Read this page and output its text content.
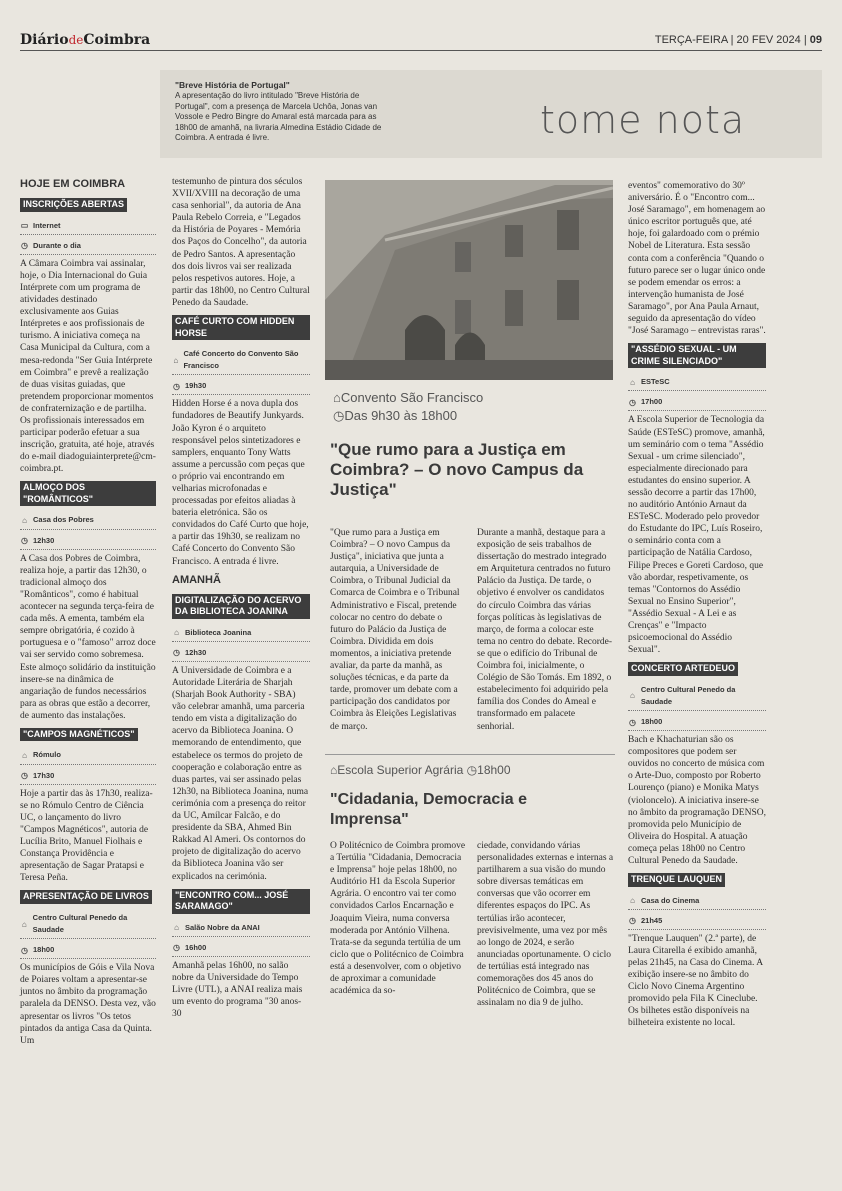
DiáriodeCoimbra	TERÇA-FEIRA | 20 FEV 2024 | 09
"Breve História de Portugal"
A apresentação do livro intitulado "Breve História de Portugal", com a presença de Marcela Uchôa, Jonas van Vossole e Pedro Bingre do Amaral está marcada para as 18h00 de amanhã, na livraria Almedina Estádio Cidade de Coimbra. A entrada é livre.	tome nota
HOJE EM COIMBRA
INSCRIÇÕES ABERTAS
▭ Internet
◷ Durante o dia

A Câmara Coimbra vai assinalar, hoje, o Dia Internacional do Guia Intérprete com um programa de atividades destinado exclusivamente aos Guias Intérpretes e aos profissionais de turismo. A iniciativa começa na Casa Municipal da Cultura, com a mesa-redonda "Ser Guia Intérprete em Coimbra" e prevê a realização de duas visitas guiadas, que pretendem proporcionar momentos de confraternização e de partilha. Os profissionais interessados em participar poderão efetuar a sua inscrição, gratuita, até hoje, através do e-mail diadoguiainterprete@cm-coimbra.pt.

ALMOÇO DOS "ROMÂNTICOS"
⌂ Casa dos Pobres
◷ 12h30

A Casa dos Pobres de Coimbra, realiza hoje, a partir das 12h30, o tradicional almoço dos "Românticos", como é habitual acontecer na segunda terça-feira de cada mês. A ementa, também ela sempre obrigatória, é cozido à portuguesa e o "famoso" arroz doce vai ser servido como sobremesa. Este almoço solidário da instituição insere-se na dinâmica de angariação de fundos necessários para as obras que estão a decorrer, de aumento das instalações.

"CAMPOS MAGNÉTICOS"
⌂ Rómulo
◷ 17h30

Hoje a partir das às 17h30, realiza-se no Rómulo Centro de Ciência UC, o lançamento do livro "Campos Magnéticos", autoria de Lucília Brito, Manuel Fiolhais e Constança Providência e apresentação de Sagar Pratapsi e Teresa Peña.

APRESENTAÇÃO DE LIVROS
⌂
Centro Cultural Penedo da Saudade
◷ 18h00

Os municípios de Góis e Vila Nova de Poiares voltam a apresentar-se juntos no âmbito da programação paralela da DENSO. Desta vez, vão apresentar os livros "Os tetos pintados da antiga Casa da Quinta. Um

testemunho de pintura dos séculos XVII/XVIII na decoração de uma casa senhorial", da autoria de Ana Paula Rebelo Correia, e "Legados da História de Poyares - Memória dos Paços do Concelho", da autoria de Pedro Santos. A apresentação dos dois livros vai ser realizada pelos respetivos autores. Hoje, a partir das 18h00, no Centro Cultural Penedo da Saudade.

CAFÉ CURTO COM HIDDEN HORSE
⌂
Café Concerto do Convento São Francisco
◷ 19h30

Hidden Horse é a nova dupla dos fundadores de Beautify Junkyards. João Kyron é o arquiteto responsável pelos sintetizadores e samplers, enquanto Tony Watts assume a percussão com peças que o próprio vai encontrando em velharias microfonadas e processadas por efeitos aliadas à bateria eletrónica. São os convidados do Café Curto que hoje, a partir das 19h30, se realizam no Café Concerto do Convento São Francisco. A entrada é livre.

AMANHÃ
DIGITALIZAÇÃO DO ACERVO DA BIBLIOTECA JOANINA
⌂ Biblioteca Joanina
◷ 12h30

A Universidade de Coimbra e a Autoridade Literária de Sharjah (Sharjah Book Authority - SBA) vão celebrar amanhã, uma parceria tendo em vista a digitalização do acervo da Biblioteca Joanina. O memorando de entendimento, que estabelece os termos do projeto de cooperação e colaboração entre as duas partes, vai ser assinado pelas 12h30, na Biblioteca Joanina, numa cerimónia com a presença do reitor da UC, Amílcar Falcão, e do presidente da SBA, Ahmed Bin Rakkad Al Ameri. Os contornos do projeto de digitalização do acervo da Biblioteca Joanina vão ser explicados na cerimónia.

"ENCONTRO COM... JOSÉ SARAMAGO"
⌂ Salão Nobre da ANAI
◷ 16h00

Amanhã pelas 16h00, no salão nobre da Universidade do Tempo Livre (UTL), a ANAI realiza mais um evento do programa "30 anos-30

⌂Convento São Francisco
◷Das 9h30 às 18h00
"Que rumo para a Justiça em Coimbra? – O novo Campus da Justiça"
"Que rumo para a Justiça em Coimbra? – O novo Campus da Justiça", iniciativa que junta a autarquia, a Universidade de Coimbra, o Tribunal Judicial da Comarca de Coimbra e o Tribunal Administrativo e Fiscal, pretende colocar no centro do debate o futuro do Palácio da Justiça de Coimbra. Dividida em dois momentos, a iniciativa pretende avaliar, da parte da manhã, as soluções técnicas, e da parte da tarde, promover um debate com a participação dos candidatos por Coimbra às Eleições Legislativas de março.
Durante a manhã, destaque para a exposição de seis trabalhos de dissertação do mestrado integrado em Arquitetura centrados no futuro Palácio da Justiça. De tarde, o objetivo é envolver os candidatos do círculo Coimbra das várias forças políticas às legislativas de março, de forma a colocar este tema no centro do debate. Recorde-se que o edifício do Tribunal de Coimbra foi, inicialmente, o Colégio de São Tomás. Em 1892, o estabelecimento foi adquirido pela família dos Condes do Ameal e transformado em palacete senhorial.
⌂Escola Superior Agrária ◷18h00
"Cidadania, Democracia e Imprensa"
O Politécnico de Coimbra promove a Tertúlia "Cidadania, Democracia e Imprensa" hoje pelas 18h00, no Auditório H1 da Escola Superior Agrária. O encontro vai ter como convidados Carlos Encarnação e Joaquim Vieira, numa conversa moderada por António Vilhena. Trata-se da segunda tertúlia de um ciclo que o Politécnico de Coimbra está a desenvolver, com o objetivo de aproximar a comunidade académica da so-
ciedade, convidando várias personalidades externas e internas a partilharem a sua visão do mundo sobre diversas temáticas em conversas que vão ocorrer em diferentes espaços do IPC. As tertúlias irão acontecer, previsivelmente, uma vez por mês ao longo de 2024, e serão anunciadas oportunamente. O ciclo de tertúlias está integrado nas comemorações dos 45 anos do Politécnico de Coimbra, que se assinalam no dia 9 de julho.

eventos" comemorativo do 30º aniversário. É o "Encontro com... José Saramago", em homenagem ao único escritor português que, até hoje, foi galardoado com o prémio Nobel de Literatura. Esta sessão conta com a conferência "Quando o futuro parece ser o lugar único onde se podem emendar os erros: a intervenção humanista de José Saramago", por Ana Paula Arnaut, seguido da apresentação do vídeo "José Saramago – entrevistas raras".

"ASSÉDIO SEXUAL - UM CRIME SILENCIADO"
⌂ ESTeSC
◷ 17h00

A Escola Superior de Tecnologia da Saúde (ESTeSC) promove, amanhã, um seminário com o tema "Assédio Sexual - um crime silenciado", especialmente direcionado para estudantes do ensino superior. A sessão decorre a partir das 17h00, no auditório António Arnaut da ESTeSC. Moderado pelo provedor do Estudante do IPC, Luís Roseiro, o seminário conta com a participação de Natália Cardoso, Filipe Preces e Goreti Cardoso, que vão abordar, respetivamente, os temas "Contornos do Assédio Sexual no Ensino Superior", "Assédio Sexual - A Lei e as Crenças" e "Impacto psicoemocional do Assédio Sexual".

CONCERTO ARTEDEUO
⌂
Centro Cultural Penedo da Saudade
◷ 18h00

Bach e Khachaturian são os compositores que podem ser ouvidos no concerto de música com o Arte-Duo, composto por Roberto Lourenço (piano) e Monika Matys (violoncelo). A iniciativa insere-se no âmbito da programação DENSO, promovida pelo Município de Oliveira do Hospital. A atuação começa pelas 18h00 no Centro Cultural Penedo da Saudade.

TRENQUE LAUQUEN
⌂ Casa do Cinema
◷ 21h45

"Trenque Lauquen" (2.ª parte), de Laura Citarella é exibido amanhã, pelas 21h45, na Casa do Cinema. A exibição insere-se no âmbito do Ciclo Novo Cinema Argentino promovido pela Fila K Cineclube. Os bilhetes estão disponíveis na bilheteira existente no local.
